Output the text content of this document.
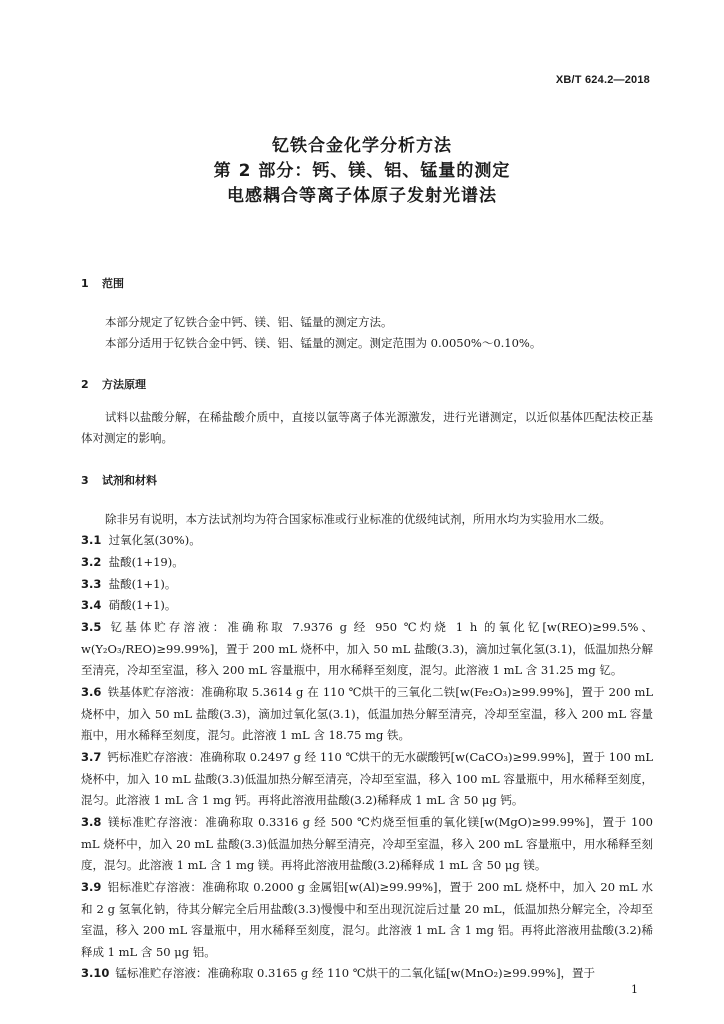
XB/T 624.2—2018
钇铁合金化学分析方法
第 2 部分：钙、镁、铝、锰量的测定
电感耦合等离子体原子发射光谱法
1 范围
本部分规定了钇铁合金中钙、镁、铝、锰量的测定方法。
本部分适用于钇铁合金中钙、镁、铝、锰量的测定。测定范围为 0.0050%～0.10%。
2 方法原理
试料以盐酸分解，在稀盐酸介质中，直接以氩等离子体光源激发，进行光谱测定，以近似基体匹配法校正基体对测定的影响。
3 试剂和材料
除非另有说明，本方法试剂均为符合国家标准或行业标准的优级纯试剂，所用水均为实验用水二级。
3.1 过氧化氢(30%)。
3.2 盐酸(1+19)。
3.3 盐酸(1+1)。
3.4 硝酸(1+1)。
3.5 钇基体贮存溶液：准确称取 7.9376 g 经 950 ℃灼烧 1 h 的氧化钇[w(REO)≥99.5%、w(Y₂O₃/REO)≥99.99%]，置于 200 mL 烧杯中，加入 50 mL 盐酸(3.3)，滴加过氧化氢(3.1)，低温加热分解至清亮，冷却至室温，移入 200 mL 容量瓶中，用水稀释至刻度，混匀。此溶液 1 mL 含 31.25 mg 钇。
3.6 铁基体贮存溶液：准确称取 5.3614 g 在 110 ℃烘干的三氧化二铁[w(Fe₂O₃)≥99.99%]，置于 200 mL 烧杯中，加入 50 mL 盐酸(3.3)，滴加过氧化氢(3.1)，低温加热分解至清亮，冷却至室温，移入 200 mL 容量瓶中，用水稀释至刻度，混匀。此溶液 1 mL 含 18.75 mg 铁。
3.7 钙标准贮存溶液：准确称取 0.2497 g 经 110 ℃烘干的无水碳酸钙[w(CaCO₃)≥99.99%]，置于 100 mL 烧杯中，加入 10 mL 盐酸(3.3)低温加热分解至清亮，冷却至室温，移入 100 mL 容量瓶中，用水稀释至刻度，混匀。此溶液 1 mL 含 1 mg 钙。再将此溶液用盐酸(3.2)稀释成 1 mL 含 50 μg 钙。
3.8 镁标准贮存溶液：准确称取 0.3316 g 经 500 ℃灼烧至恒重的氧化镁[w(MgO)≥99.99%]，置于 100 mL 烧杯中，加入 20 mL 盐酸(3.3)低温加热分解至清亮，冷却至室温，移入 200 mL 容量瓶中，用水稀释至刻度，混匀。此溶液 1 mL 含 1 mg 镁。再将此溶液用盐酸(3.2)稀释成 1 mL 含 50 μg 镁。
3.9 铝标准贮存溶液：准确称取 0.2000 g 金属铝[w(Al)≥99.99%]，置于 200 mL 烧杯中，加入 20 mL 水和 2 g 氢氧化钠，待其分解完全后用盐酸(3.3)慢慢中和至出现沉淀后过量 20 mL，低温加热分解完全，冷却至室温，移入 200 mL 容量瓶中，用水稀释至刻度，混匀。此溶液 1 mL 含 1 mg 铝。再将此溶液用盐酸(3.2)稀释成 1 mL 含 50 μg 铝。
3.10 锰标准贮存溶液：准确称取 0.3165 g 经 110 ℃烘干的二氧化锰[w(MnO₂)≥99.99%]，置于
1
